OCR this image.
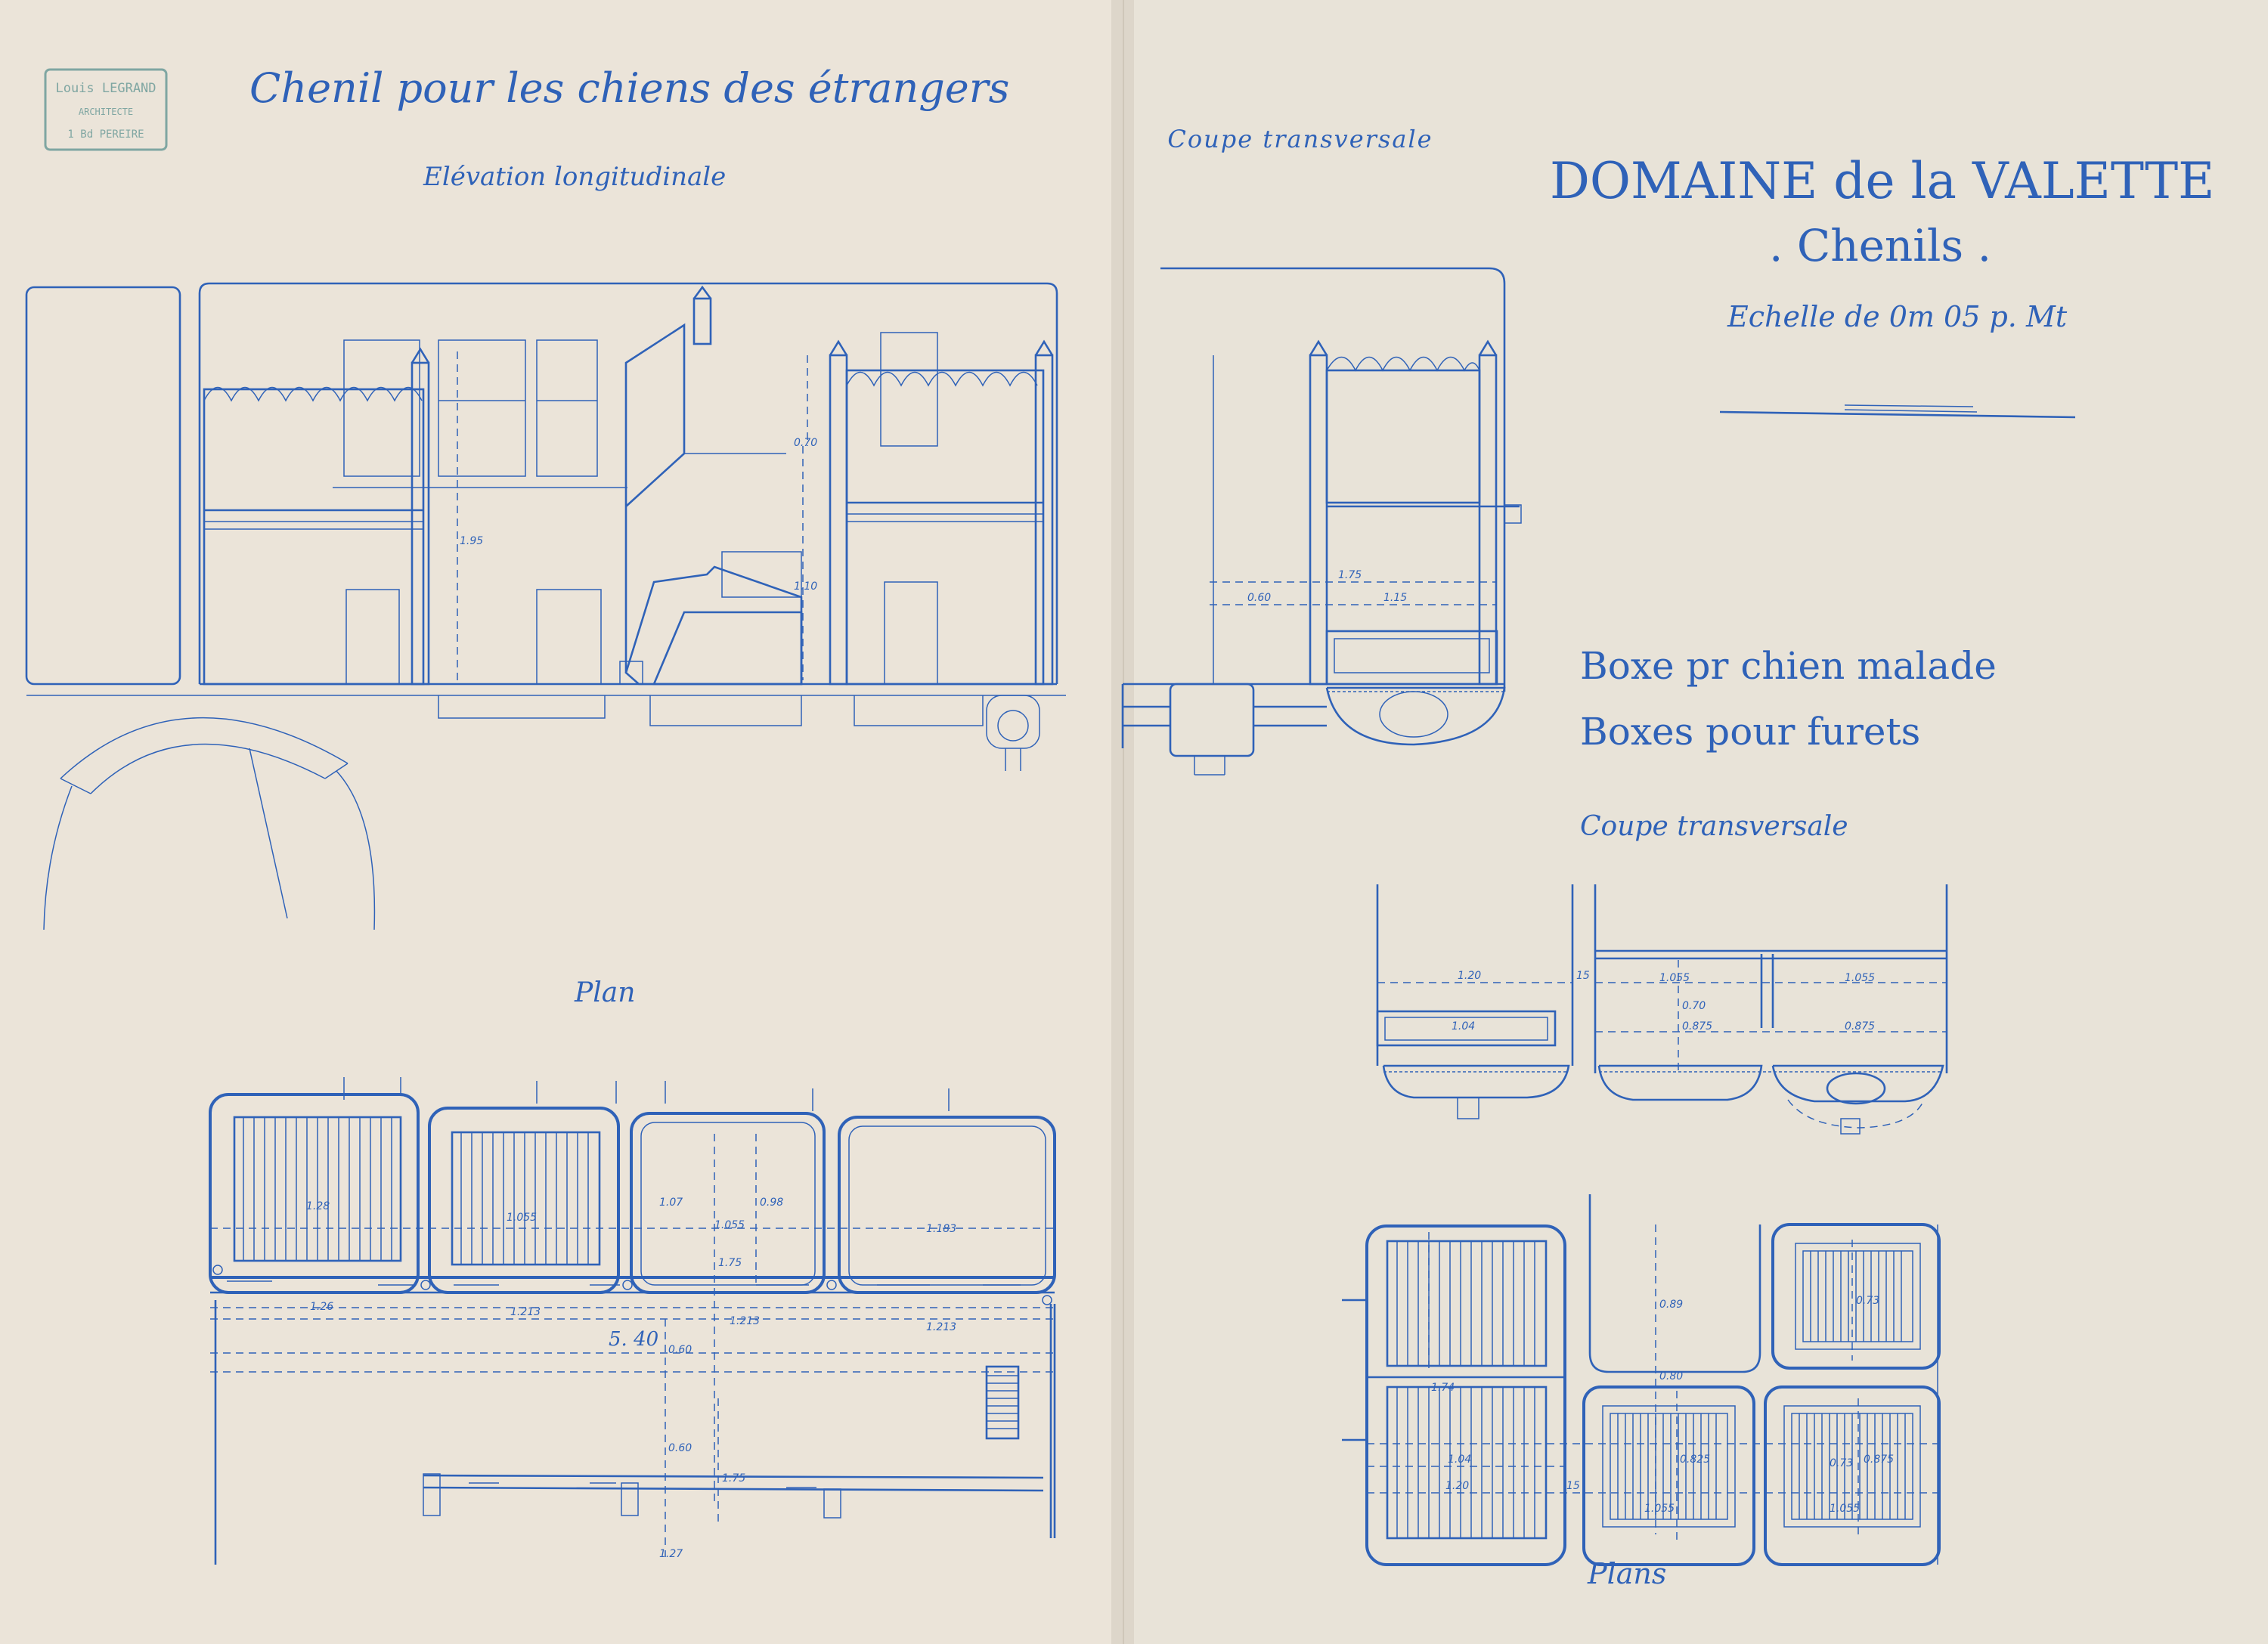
Louis LEGRAND
ARCHITECTE
1 Bd PEREIRE
Chenil pour les chiens des étrangers
Elévation longitudinale
Coupe transversale
Plan
DOMAINE de la VALETTE
. Chenils .
Echelle de 0m 05 p. Mt
Boxe pr chien malade
Boxes pour furets
Coupe transversale
Plans
1.95
0.70
1.10
1.75
0.60	1.15
1.28
1.055
1.07
1.055
0.98
1.75
1.183
1.26	1.213
1.213	1.213
5. 40 0.60
0.60
1.75
1.27
1.20	15
1.04
1.055	1.055
0.70
0.875	0.875
1.74
1.04
1.20	15
0.89
0.80
0.825
1.055
0.73
0.875
0.73
1.055
